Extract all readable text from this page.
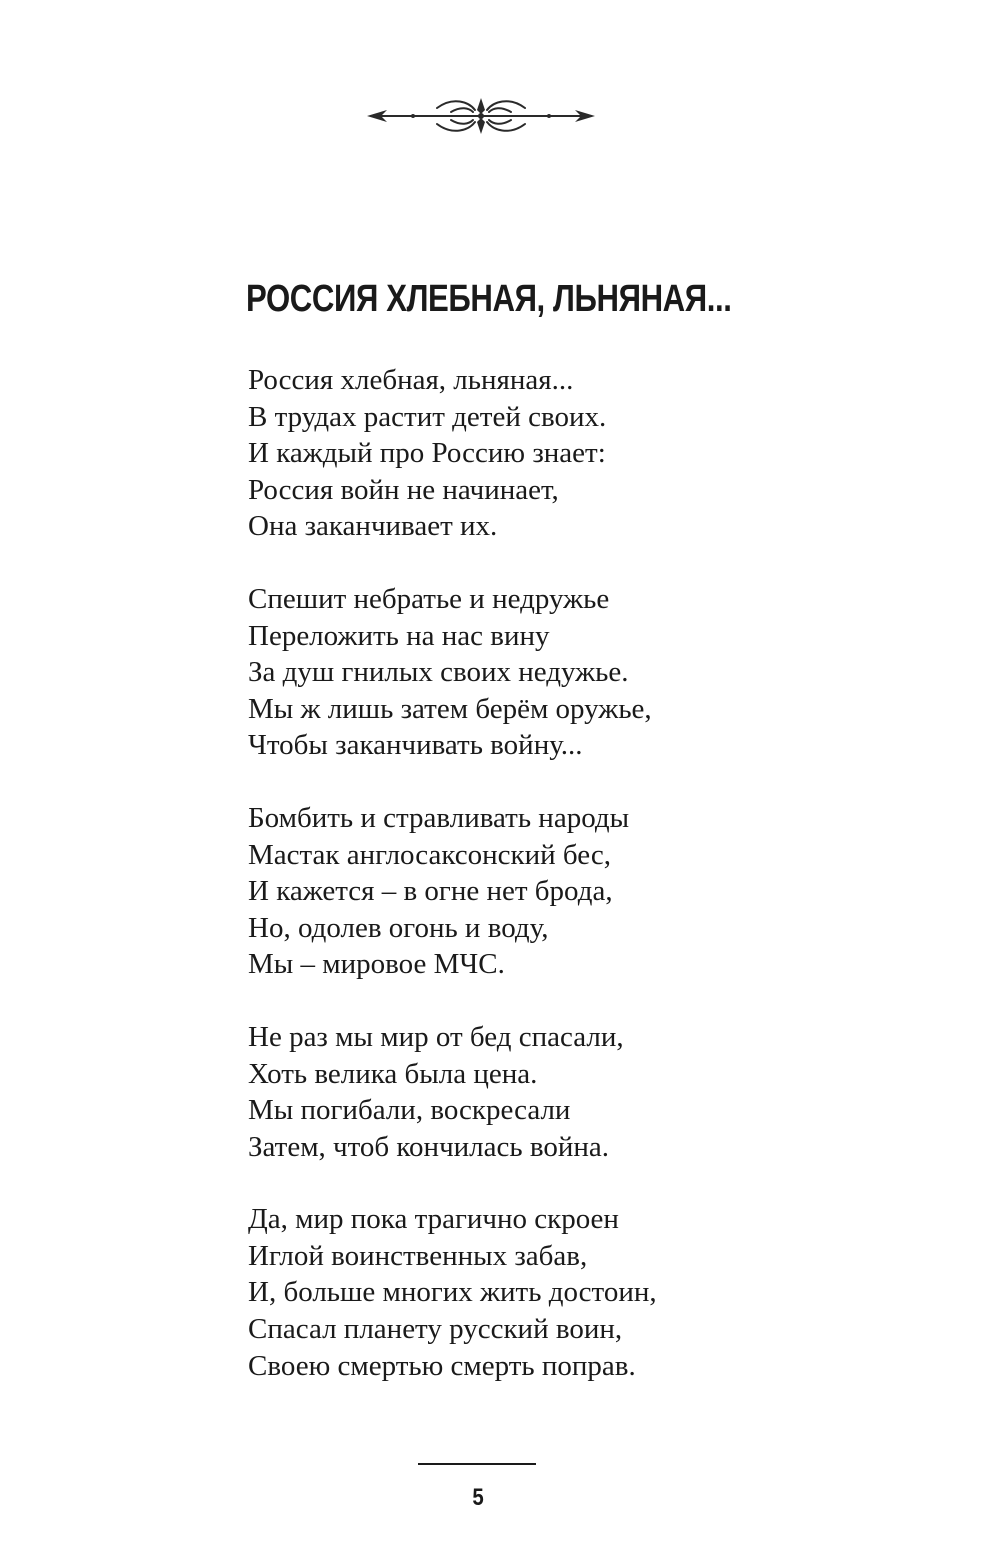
РОССИЯ ХЛЕБНАЯ, ЛЬНЯНАЯ...
Россия хлебная, льняная...
В трудах растит детей своих.
И каждый про Россию знает:
Россия войн не начинает,
Она заканчивает их.
Спешит небратье и недружье
Переложить на нас вину
За душ гнилых своих недужье.
Мы ж лишь затем берём оружье,
Чтобы заканчивать войну...
Бомбить и стравливать народы
Мастак англосаксонский бес,
И кажется – в огне нет брода,
Но, одолев огонь и воду,
Мы – мировое МЧС.
Не раз мы мир от бед спасали,
Хоть велика была цена.
Мы погибали, воскресали
Затем, чтоб кончилась война.
Да, мир пока трагично скроен
Иглой воинственных забав,
И, больше многих жить достоин,
Спасал планету русский воин,
Своею смертью смерть поправ.
5
